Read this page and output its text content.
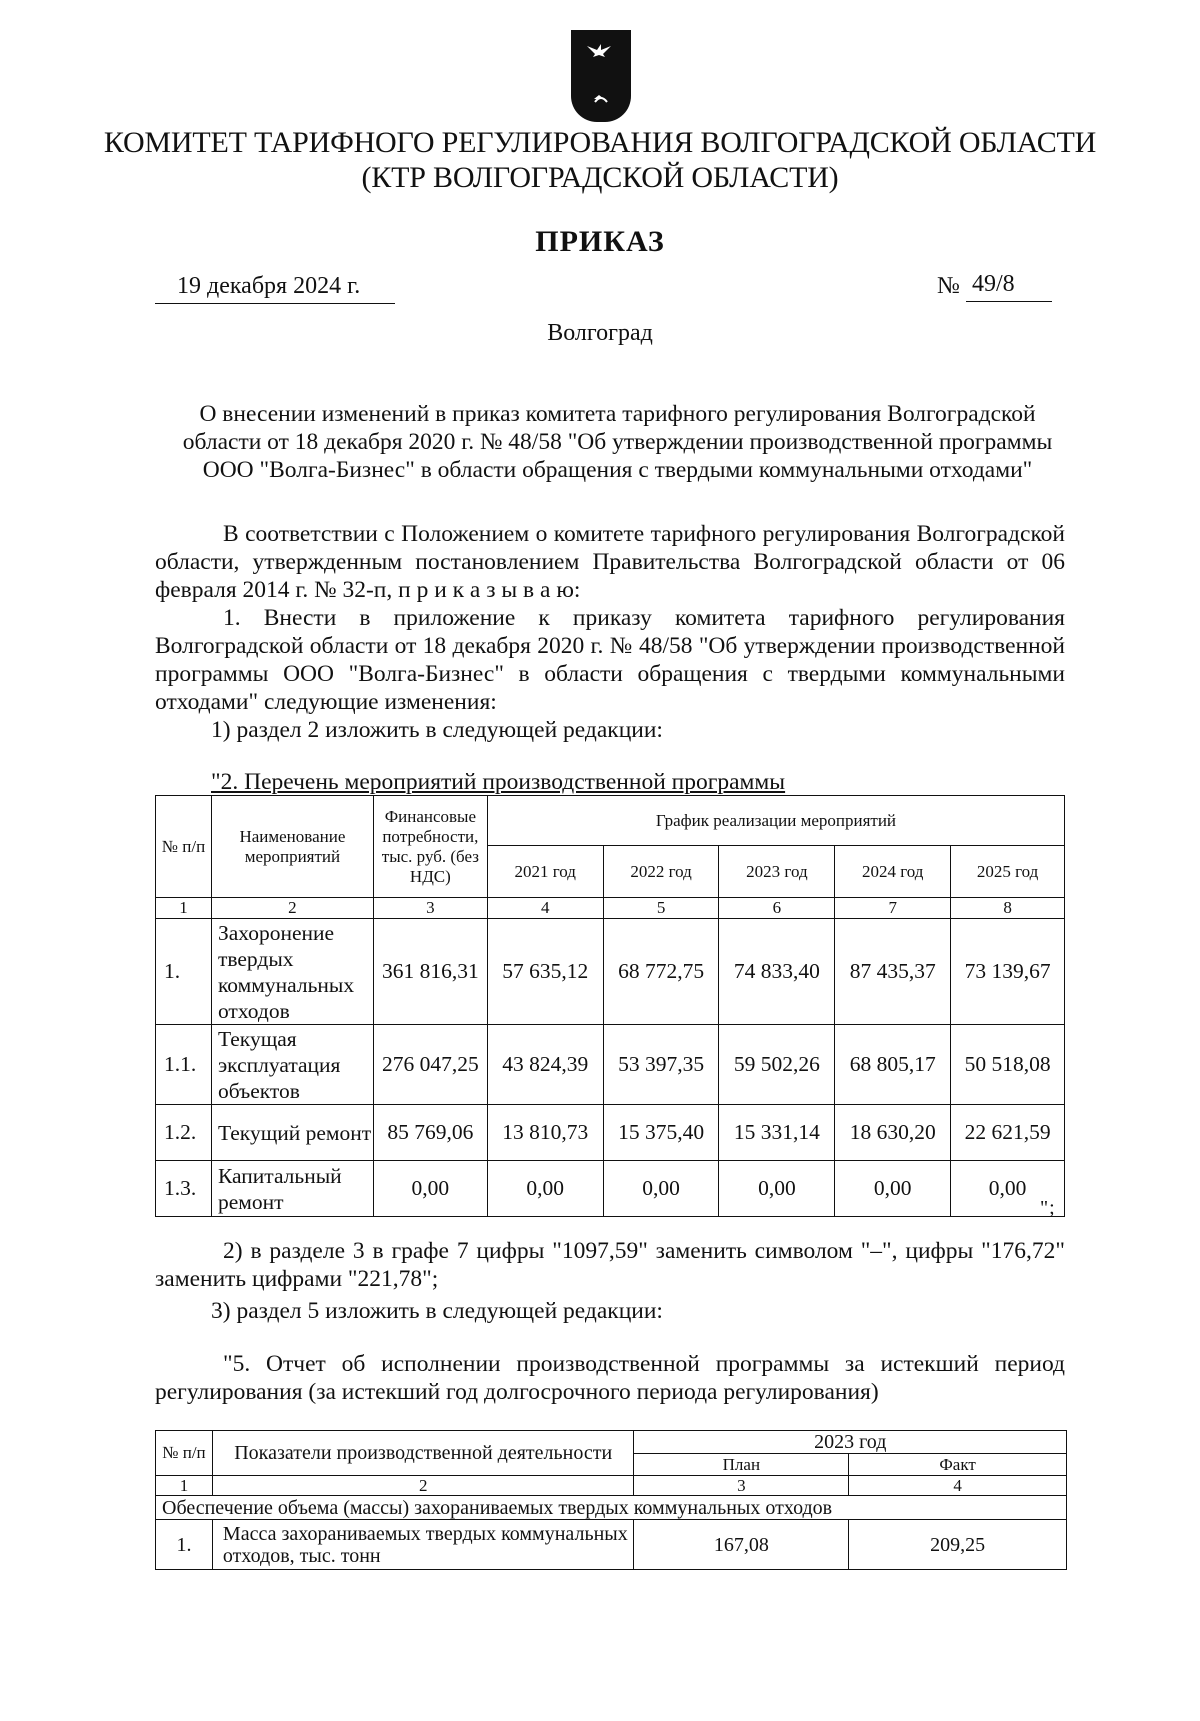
КОМИТЕТ ТАРИФНОГО РЕГУЛИРОВАНИЯ ВОЛГОГРАДСКОЙ ОБЛАСТИ
(КТР ВОЛГОГРАДСКОЙ ОБЛАСТИ)
ПРИКАЗ
19 декабря 2024 г.	№ 49/8
Волгоград
О внесении изменений в приказ комитета тарифного регулирования Волгоградской
области от 18 декабря 2020 г. № 48/58 "Об утверждении производственной программы
ООО "Волга-Бизнес" в области обращения с твердыми коммунальными отходами"
В соответствии с Положением о комитете тарифного регулирования Волгоградской области, утвержденным постановлением Правительства Волгоградской области от 06 февраля 2014 г. № 32-п, п р и к а з ы в а ю:
1. Внести в приложение к приказу комитета тарифного регулирования Волгоградской области от 18 декабря 2020 г. № 48/58 "Об утверждении производственной программы ООО "Волга-Бизнес" в области обращения с твердыми коммунальными отходами" следующие изменения:
1) раздел 2 изложить в следующей редакции:
"2. Перечень мероприятий производственной программы
№ п/п	Наименование мероприятий	Финансовые потребности, тыс. руб. (без НДС)	График реализации мероприятий				
			2021 год	2022 год	2023 год	2024 год	2025 год
1	2	3	4	5	6	7	8
1.	Захоронение твердых коммунальных отходов	361 816,31	57 635,12	68 772,75	74 833,40	87 435,37	73 139,67
1.1.	Текущая эксплуатация объектов	276 047,25	43 824,39	53 397,35	59 502,26	68 805,17	50 518,08
1.2.	Текущий ремонт	85 769,06	13 810,73	15 375,40	15 331,14	18 630,20	22 621,59
1.3.	Капитальный ремонт	0,00	0,00	0,00	0,00	0,00	0,00
";
2) в разделе 3 в графе 7 цифры "1097,59" заменить символом "–", цифры "176,72" заменить цифрами "221,78";
3) раздел 5 изложить в следующей редакции:
"5. Отчет об исполнении производственной программы за истекший период регулирования (за истекший год долгосрочного периода регулирования)
№ п/п	Показатели производственной деятельности	2023 год	
		План	Факт
1	2	3	4
Обеспечение объема (массы) захораниваемых твердых коммунальных отходов			
1.	Масса захораниваемых твердых коммунальных отходов, тыс. тонн	167,08	209,25
